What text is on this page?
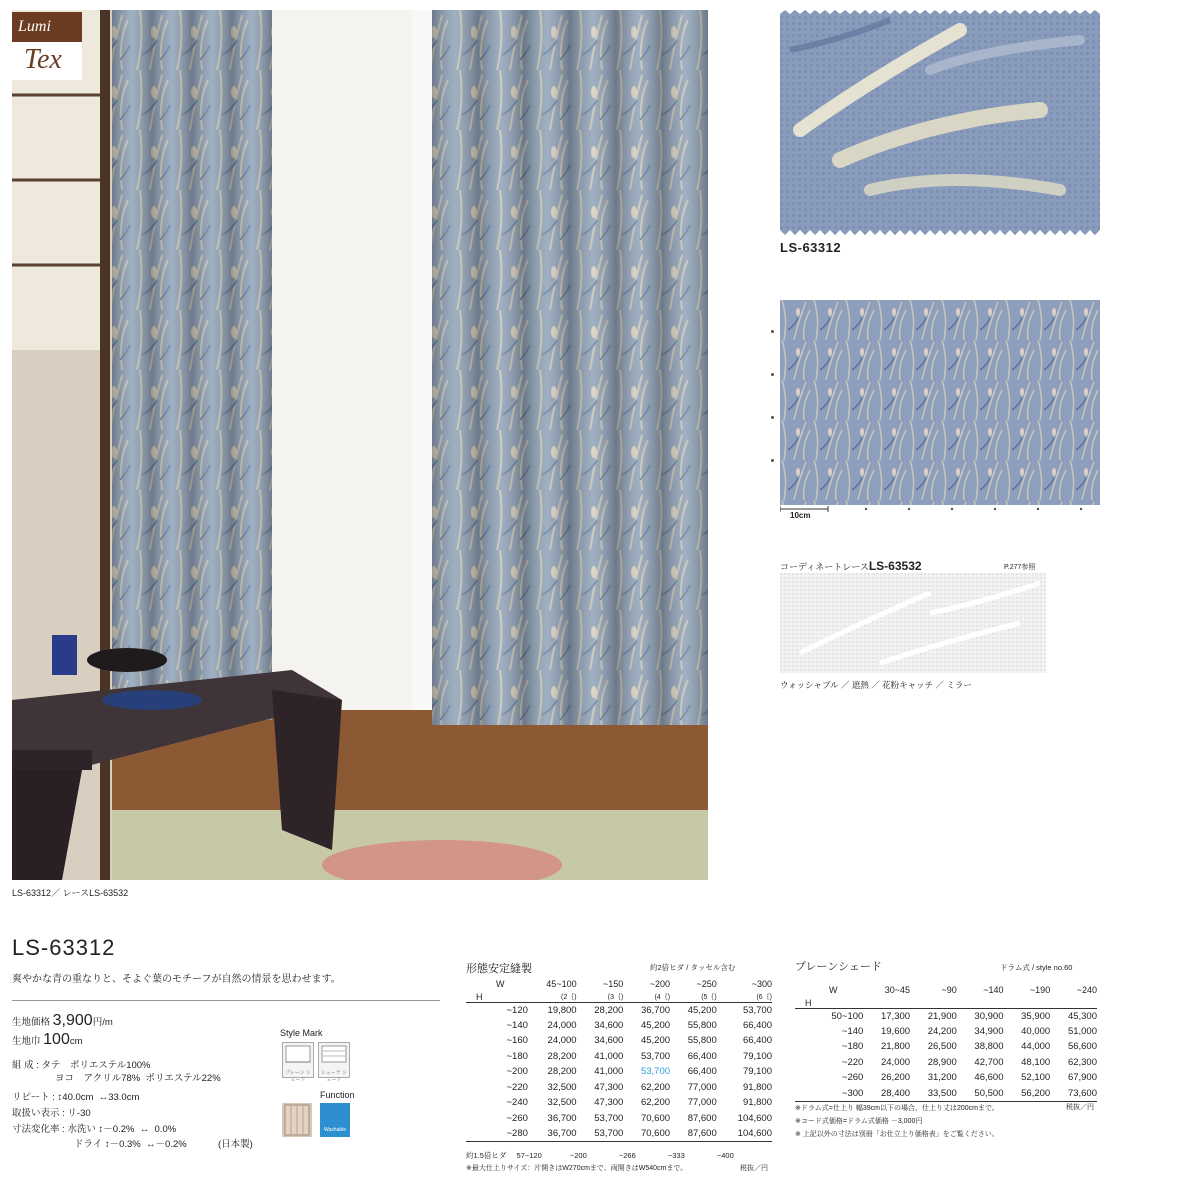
Lumi
Tex
LS-63312／ レースLS-63532
LS-63312
10cm
コーディネートレースLS-63532	P.277参照
ウォッシャブル ／ 遮熱 ／ 花粉キャッチ ／ ミラー
LS-63312
爽やかな青の重なりと、そよぐ葉のモチーフが自然の情景を思わせます。
生地価格 3,900円/m
生地巾 100cm
組 成 : タテ　ポリエステル100%
ヨコ　アクリル78%  ポリエステル22%
リピート : ↕40.0cm  ↔33.0cm
取扱い表示 : リ-30
寸法変化率 : 水洗い ↕－0.2%  ↔  0.0%
ドライ ↕－0.3%  ↔－0.2%	(日本製)
Style Mark
プレーン シェード
シェーナ シェード
Function
Washable
形態安定縫製	約2倍ヒダ / タッセル含む
W	45~100	~150	~200	~250	~300
H	(2｛)	(3｛)	(4｛)	(5｛)	(6｛)
~120	19,800	28,200	36,700	45,200	53,700
~140	24,000	34,600	45,200	55,800	66,400
~160	24,000	34,600	45,200	55,800	66,400
~180	28,200	41,000	53,700	66,400	79,100
~200	28,200	41,000	53,700	66,400	79,100
~220	32,500	47,300	62,200	77,000	91,800
~240	32,500	47,300	62,200	77,000	91,800
~260	36,700	53,700	70,600	87,600	104,600
~280	36,700	53,700	70,600	87,600	104,600
約1.5倍ヒダ 57~120	~200	~266	~333	~400
※最大仕上りサイズ：片開きはW270cmまで、両開きはW540cmまで。	税抜／円
プレーンシェード	ドラム式 / style no.60
W	30~45	~90	~140	~190	~240
H					
50~100	17,300	21,900	30,900	35,900	45,300
~140	19,600	24,200	34,900	40,000	51,000
~180	21,800	26,500	38,800	44,000	56,600
~220	24,000	28,900	42,700	48,100	62,300
~260	26,200	31,200	46,600	52,100	67,900
~300	28,400	33,500	50,500	56,200	73,600
※ドラム式=仕上り 幅39cm以下の場合、仕上り丈は200cmまで。
※コード式価格=ドラム式価格 －3,000円
※ 上記以外の寸法は別冊「お仕立上り価格表」をご覧ください。
税抜／円
